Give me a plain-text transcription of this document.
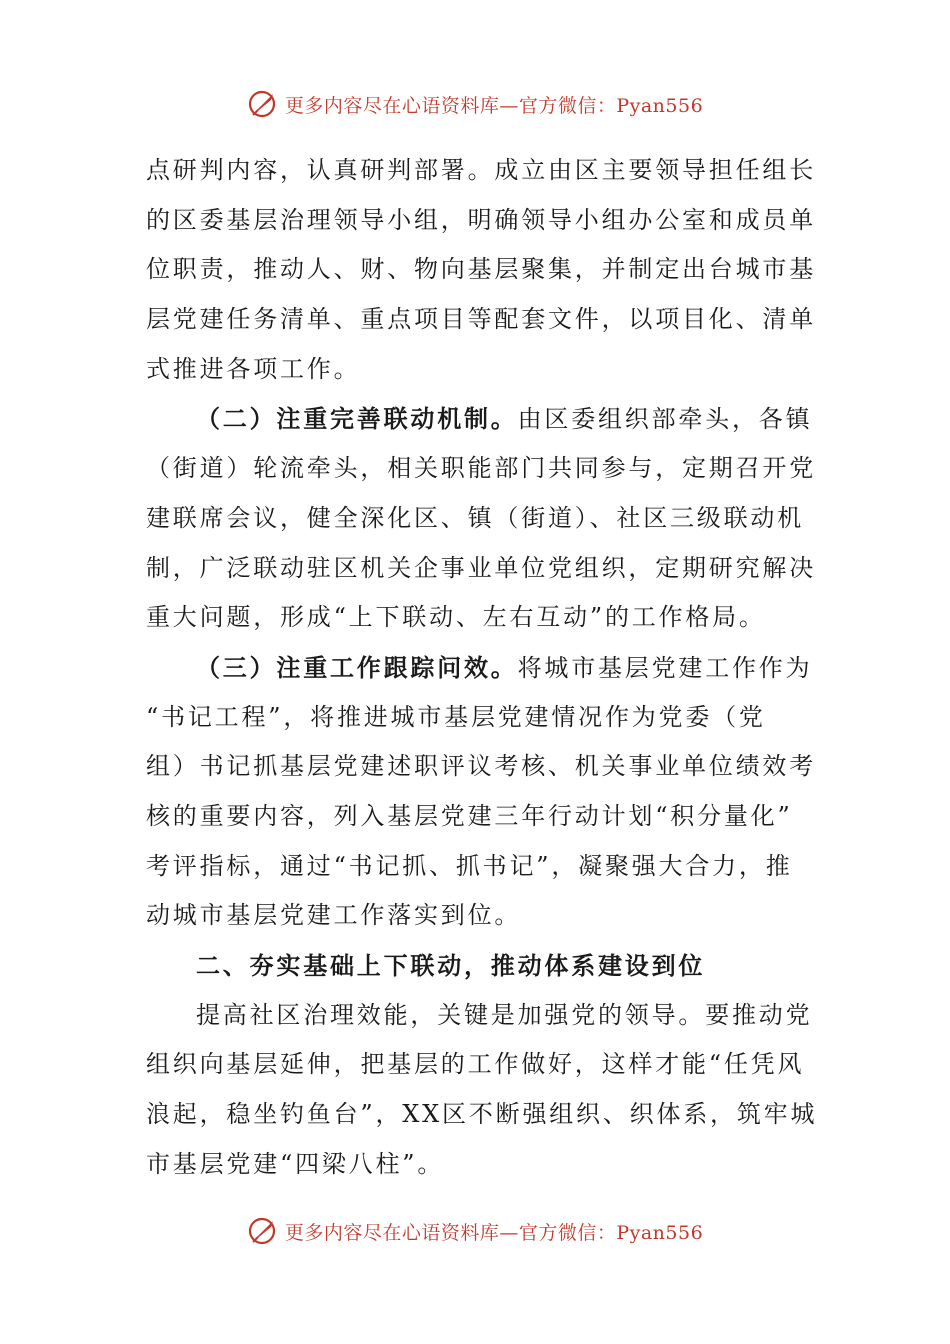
更多内容尽在心语资料库—官方微信：Pyan556
点研判内容，认真研判部署。成立由区主要领导担任组长
的区委基层治理领导小组，明确领导小组办公室和成员单
位职责，推动人、财、物向基层聚集，并制定出台城市基
层党建任务清单、重点项目等配套文件，以项目化、清单
式推进各项工作。
（二）注重完善联动机制。由区委组织部牵头，各镇
（街道）轮流牵头，相关职能部门共同参与，定期召开党
建联席会议，健全深化区、镇（街道）、社区三级联动机
制，广泛联动驻区机关企事业单位党组织，定期研究解决
重大问题，形成“上下联动、左右互动”的工作格局。
（三）注重工作跟踪问效。将城市基层党建工作作为
“书记工程”，将推进城市基层党建情况作为党委（党
组）书记抓基层党建述职评议考核、机关事业单位绩效考
核的重要内容，列入基层党建三年行动计划“积分量化”
考评指标，通过“书记抓、抓书记”，凝聚强大合力，推
动城市基层党建工作落实到位。
二、夯实基础上下联动，推动体系建设到位
提高社区治理效能，关键是加强党的领导。要推动党
组织向基层延伸，把基层的工作做好，这样才能“任凭风
浪起，稳坐钓鱼台”，XX区不断强组织、织体系，筑牢城
市基层党建“四梁八柱”。
更多内容尽在心语资料库—官方微信：Pyan556
